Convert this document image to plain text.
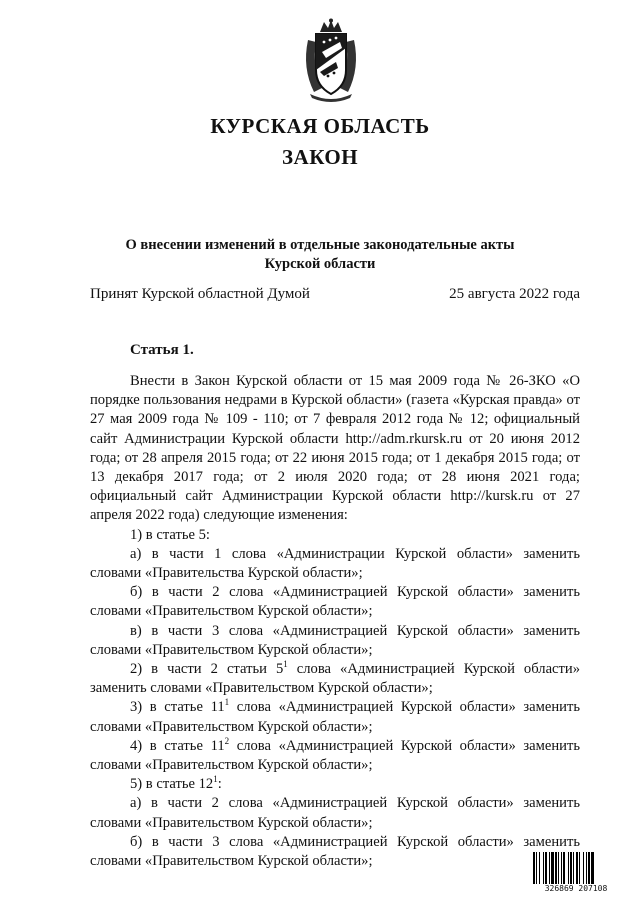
КУРСКАЯ ОБЛАСТЬ
ЗАКОН
О внесении изменений в отдельные законодательные акты
Курской области
Принят Курской областной Думой	25 августа 2022 года
Статья 1.

Внести в Закон Курской области от 15 мая 2009 года № 26-ЗКО «О порядке пользования недрами в Курской области» (газета «Курская правда» от 27 мая 2009 года № 109 - 110; от 7 февраля 2012 года № 12; официальный сайт Администрации Курской области http://adm.rkursk.ru от 20 июня 2012 года; от 28 апреля 2015 года; от 22 июня 2015 года; от 1 декабря 2015 года; от 13 декабря 2017 года; от 2 июля 2020 года; от 28 июня 2021 года; официальный сайт Администрации Курской области http://kursk.ru от 27 апреля 2022 года) следующие изменения:

1) в статье 5:

а) в части 1 слова «Администрации Курской области» заменить словами «Правительства Курской области»;

б) в части 2 слова «Администрацией Курской области» заменить словами «Правительством Курской области»;

в) в части 3 слова «Администрацией Курской области» заменить словами «Правительством Курской области»;

2) в части 2 статьи $5^1$ слова «Администрацией Курской области» заменить словами «Правительством Курской области»;

3) в статье $11^1$ слова «Администрацией Курской области» заменить словами «Правительством Курской области»;

4) в статье $11^2$ слова «Администрацией Курской области» заменить словами «Правительством Курской области»;

5) в статье $12^1$:

а) в части 2 слова «Администрацией Курской области» заменить словами «Правительством Курской области»;

б) в части 3 слова «Администрацией Курской области» заменить словами «Правительством Курской области»;

326869 207108
